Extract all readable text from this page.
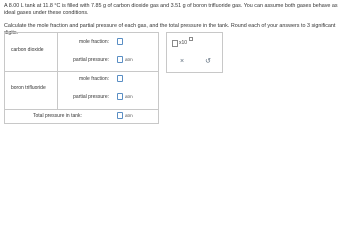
A 8.00 L tank at 11.8 °C is filled with 7.85 g of carbon dioxide gas and 3.51 g of boron trifluoride gas. You can assume both gases behave as ideal gases under these conditions.

Calculate the mole fraction and partial pressure of each gas, and the total pressure in the tank. Round each of your answers to 3 significant digits.

carbon dioxide
mole fraction:
partial pressure:	atm
boron trifluoride
mole fraction:
partial pressure:	atm
Total pressure in tank:	atm
x10
×	↺
